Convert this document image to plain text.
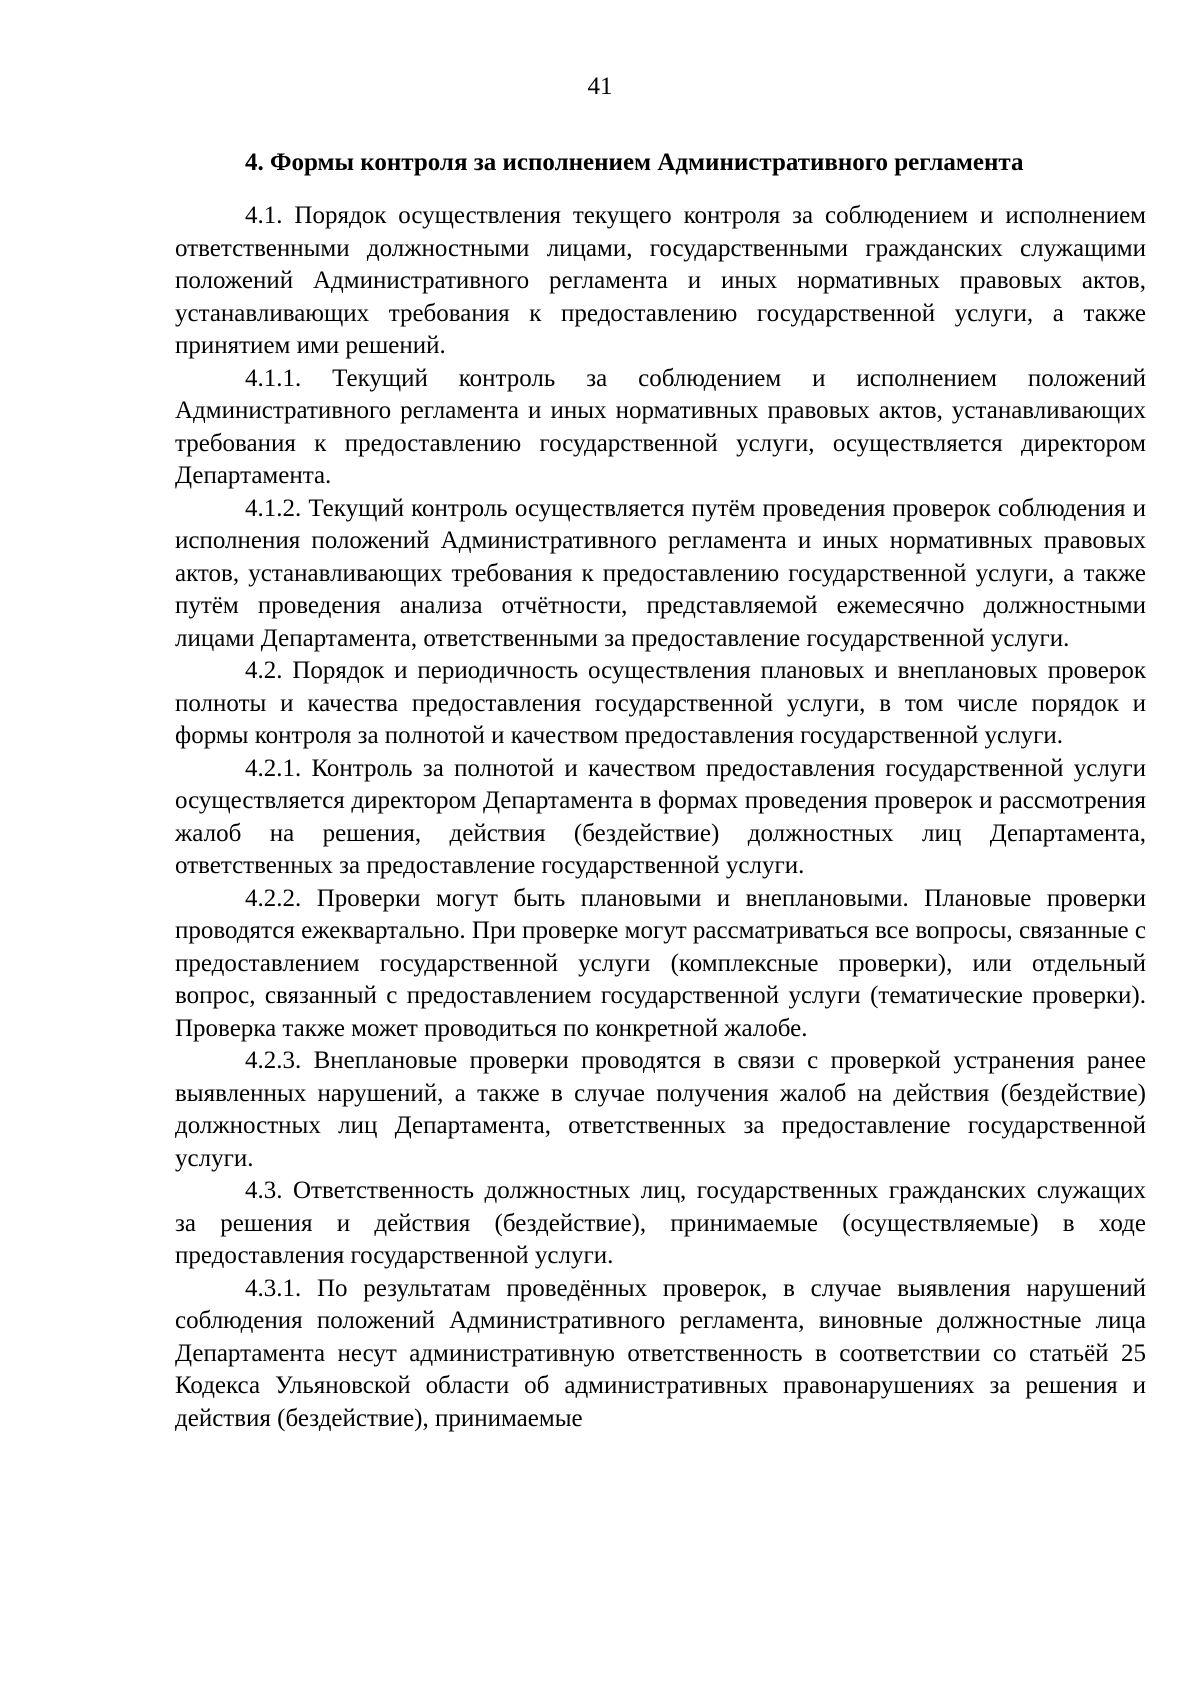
41
4. Формы контроля за исполнением Административного регламента

4.1. Порядок осуществления текущего контроля за соблюдением и исполнением ответственными должностными лицами, государственными гражданских служащими положений Административного регламента и иных нормативных правовых актов, устанавливающих требования к предоставлению государственной услуги, а также принятием ими решений.

4.1.1. Текущий контроль за соблюдением и исполнением положений Административного регламента и иных нормативных правовых актов, устанавливающих требования к предоставлению государственной услуги, осуществляется директором Департамента.

4.1.2. Текущий контроль осуществляется путём проведения проверок соблюдения и исполнения положений Административного регламента и иных нормативных правовых актов, устанавливающих требования к предоставлению государственной услуги, а также путём проведения анализа отчётности, представляемой ежемесячно должностными лицами Департамента, ответственными за предоставление государственной услуги.

4.2. Порядок и периодичность осуществления плановых и внеплановых проверок полноты и качества предоставления государственной услуги, в том числе порядок и формы контроля за полнотой и качеством предоставления государственной услуги.

4.2.1. Контроль за полнотой и качеством предоставления государственной услуги осуществляется директором Департамента в формах проведения проверок и рассмотрения жалоб на решения, действия (бездействие) должностных лиц Департамента, ответственных за предоставление государственной услуги.

4.2.2. Проверки могут быть плановыми и внеплановыми. Плановые проверки проводятся ежеквартально. При проверке могут рассматриваться все вопросы, связанные с предоставлением государственной услуги (комплексные проверки), или отдельный вопрос, связанный с предоставлением государственной услуги (тематические проверки). Проверка также может проводиться по конкретной жалобе.

4.2.3. Внеплановые проверки проводятся в связи с проверкой устранения ранее выявленных нарушений, а также в случае получения жалоб на действия (бездействие) должностных лиц Департамента, ответственных за предоставление государственной услуги.

4.3. Ответственность должностных лиц, государственных гражданских служащих за решения и действия (бездействие), принимаемые (осуществляемые) в ходе предоставления государственной услуги.

4.3.1. По результатам проведённых проверок, в случае выявления нарушений соблюдения положений Административного регламента, виновные должностные лица Департамента несут административную ответственность в соответствии со статьёй 25 Кодекса Ульяновской области об административных правонарушениях за решения и действия (бездействие), принимаемые
